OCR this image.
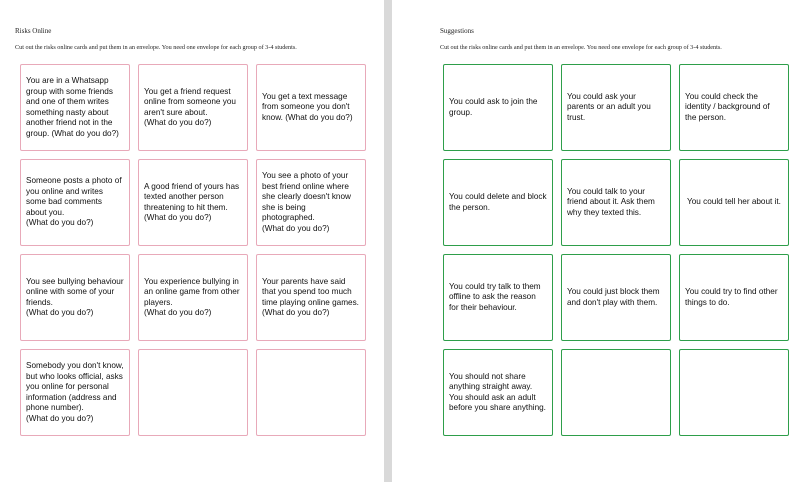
Risks Online
Cut out the risks online cards and put them in an envelope. You need one envelope for each group of 3-4 students.
You are in a Whatsapp group with some friends and one of them writes something nasty about another friend not in the group. (What do you do?)
You get a friend request online from someone you aren't sure about.
(What do you do?)
You get a text message from someone you don't know. (What do you do?)
Someone posts a photo of you online and writes some bad comments about you.
(What do you do?)
A good friend of yours has texted another person threatening to hit them.
(What do you do?)
You see a photo of your best friend online where she clearly doesn't know she is being photographed.
(What do you do?)
You see bullying behaviour online with some of your friends.
(What do you do?)
You experience bullying in an online game from other players.
(What do you do?)
Your parents have said that you spend too much time playing online games.
(What do you do?)
Somebody you don't know, but who looks official, asks you online for personal information (address and phone number).
(What do you do?)
Suggestions
Cut out the risks online cards and put them in an envelope. You need one envelope for each group of 3-4 students.
You could ask to join the group.
You could ask your parents or an adult you trust.
You could check the identity / background of the person.
You could delete and block the person.
You could talk to your friend about it. Ask them why they texted this.
You could tell her about it.
You could try talk to them offline to ask the reason for their behaviour.
You could just block them and don't play with them.
You could try to find other things to do.
You should not share anything straight away. You should ask an adult before you share anything.
